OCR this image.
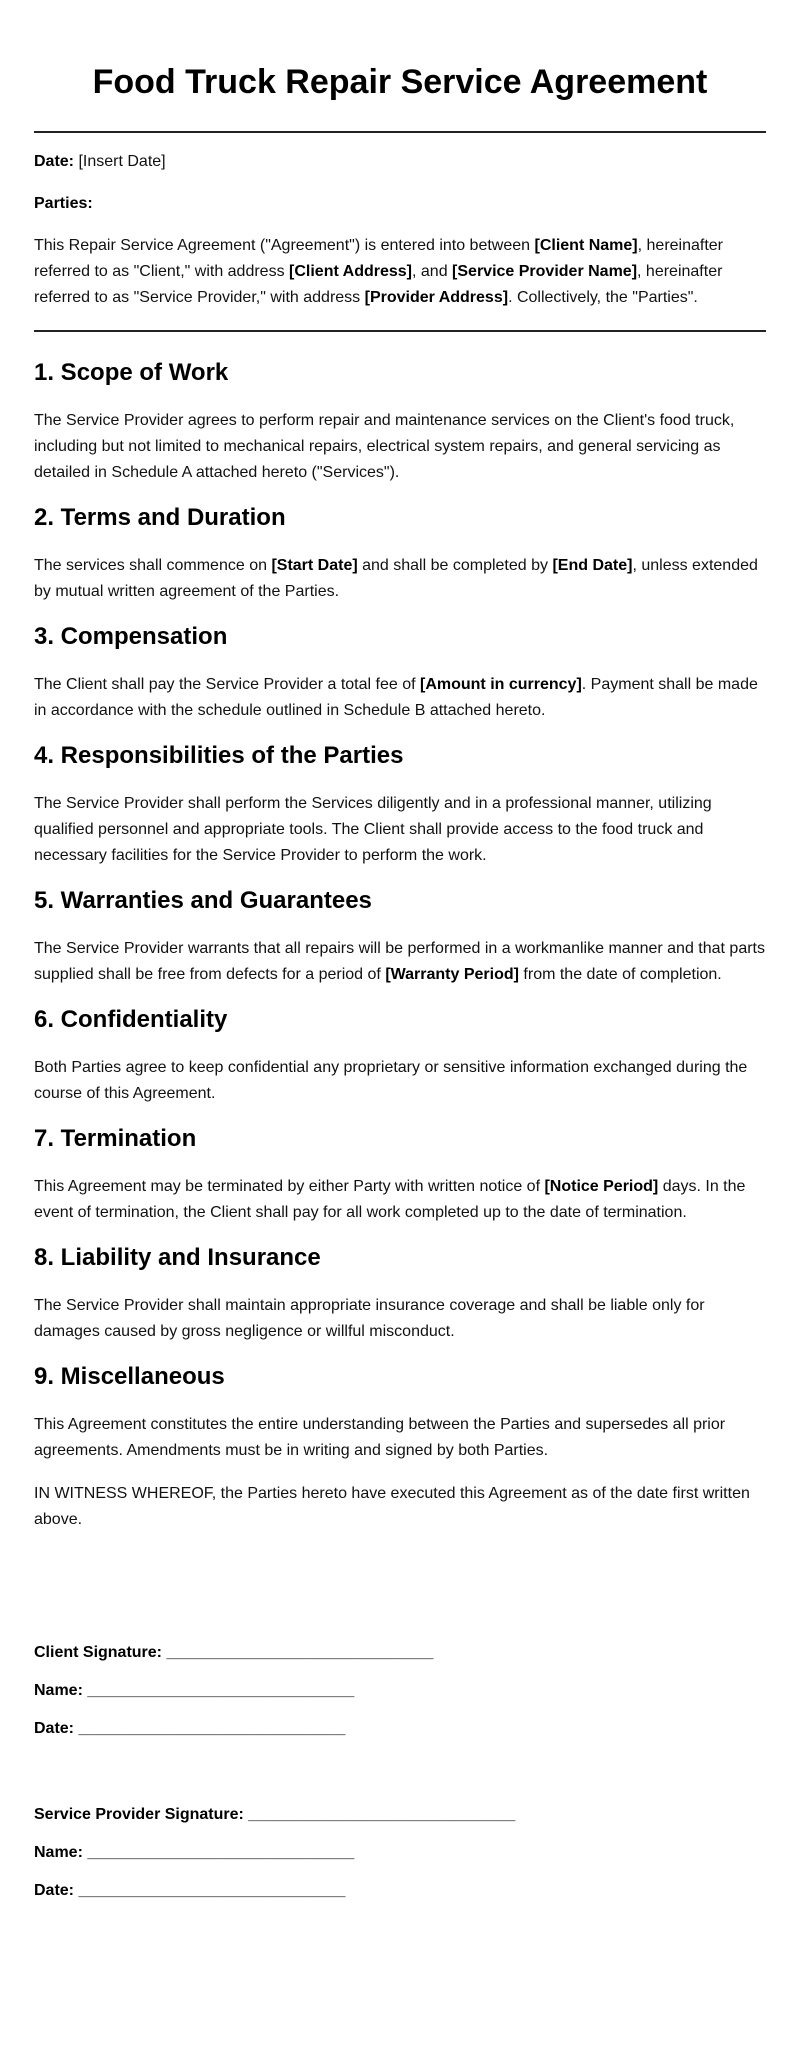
Food Truck Repair Service Agreement

Date: [Insert Date]

Parties:

This Repair Service Agreement ("Agreement") is entered into between [Client Name], hereinafter referred to as "Client," with address [Client Address], and [Service Provider Name], hereinafter referred to as "Service Provider," with address [Provider Address]. Collectively, the "Parties".

1. Scope of Work

The Service Provider agrees to perform repair and maintenance services on the Client's food truck, including but not limited to mechanical repairs, electrical system repairs, and general servicing as detailed in Schedule A attached hereto ("Services").

2. Terms and Duration

The services shall commence on [Start Date] and shall be completed by [End Date], unless extended by mutual written agreement of the Parties.

3. Compensation

The Client shall pay the Service Provider a total fee of [Amount in currency]. Payment shall be made in accordance with the schedule outlined in Schedule B attached hereto.

4. Responsibilities of the Parties

The Service Provider shall perform the Services diligently and in a professional manner, utilizing qualified personnel and appropriate tools. The Client shall provide access to the food truck and necessary facilities for the Service Provider to perform the work.

5. Warranties and Guarantees

The Service Provider warrants that all repairs will be performed in a workmanlike manner and that parts supplied shall be free from defects for a period of [Warranty Period] from the date of completion.

6. Confidentiality

Both Parties agree to keep confidential any proprietary or sensitive information exchanged during the course of this Agreement.

7. Termination

This Agreement may be terminated by either Party with written notice of [Notice Period] days. In the event of termination, the Client shall pay for all work completed up to the date of termination.

8. Liability and Insurance

The Service Provider shall maintain appropriate insurance coverage and shall be liable only for damages caused by gross negligence or willful misconduct.

9. Miscellaneous

This Agreement constitutes the entire understanding between the Parties and supersedes all prior agreements. Amendments must be in writing and signed by both Parties.

IN WITNESS WHEREOF, the Parties hereto have executed this Agreement as of the date first written above.

Client Signature: ______________________________

Name: ______________________________

Date: ______________________________

Service Provider Signature: ______________________________

Name: ______________________________

Date: ______________________________
